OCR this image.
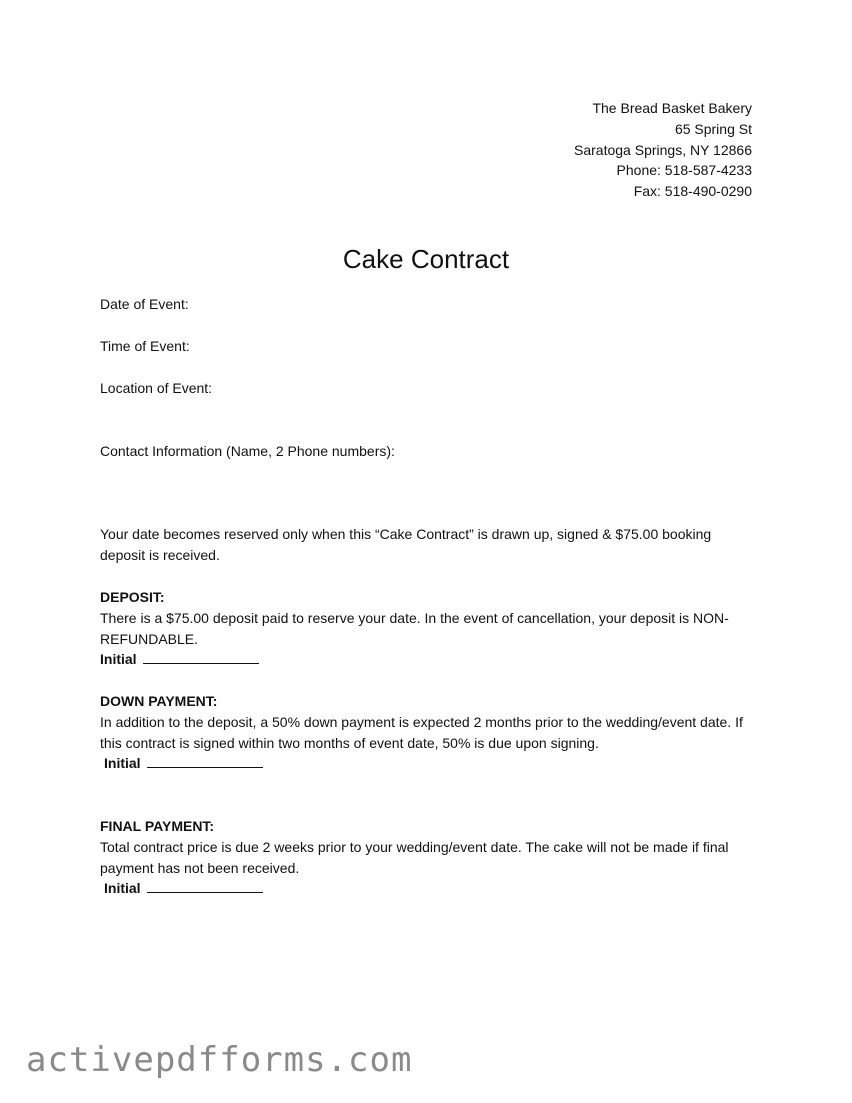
The Bread Basket Bakery
65 Spring St
Saratoga Springs, NY 12866
Phone: 518-587-4233
Fax: 518-490-0290
Cake Contract
Date of Event:
Time of Event:
Location of Event:
Contact Information (Name, 2 Phone numbers):
Your date becomes reserved only when this “Cake Contract” is drawn up, signed & $75.00 booking deposit is received.
DEPOSIT:
There is a $75.00 deposit paid to reserve your date. In the event of cancellation, your deposit is NON-REFUNDABLE.
Initial
DOWN PAYMENT:
In addition to the deposit, a 50% down payment is expected 2 months prior to the wedding/event date. If this contract is signed within two months of event date, 50% is due upon signing.
Initial
FINAL PAYMENT:
Total contract price is due 2 weeks prior to your wedding/event date. The cake will not be made if final payment has not been received.
Initial
activepdfforms.com
